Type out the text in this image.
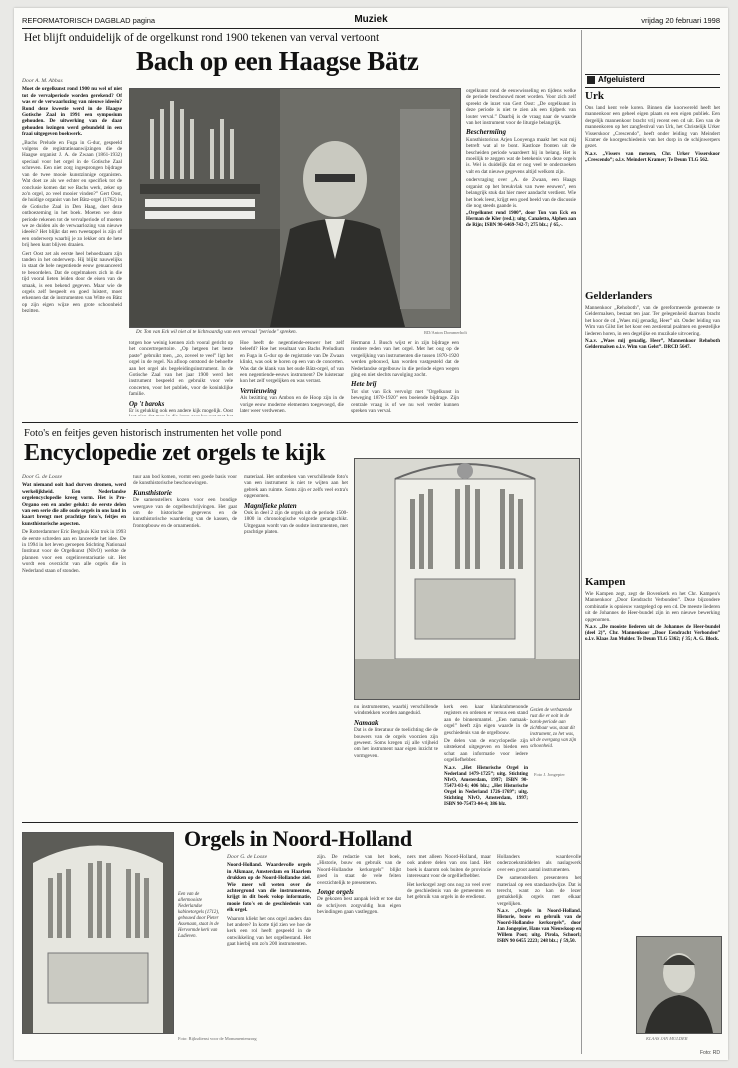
REFORMATORISCH DAGBLAD pagina	Muziek	vrijdag 20 februari 1998
Het blijft onduidelijk of de orgelkunst rond 1900 tekenen van verval vertoont
Bach op een Haagse Bätz
Door A. M. Abbas

Moet de orgelkunst rond 1900 nu wel of niet tot de vervalperiode worden gerekend? Of was er de verwaarlozing van nieuwe ideeën? Rond deze kwestie werd in de Haagse Gotische Zaal in 1991 een symposium gehouden. De uitwerking van de daar gehouden lezingen werd gebundeld in een fraai uitgegeven boekwerk.

„Bachs Prelude en Fuga in G-dur, gespeeld volgens de registratieaanwijzingen die de Haagse organist J. A. de Zwaan (1861-1932) speciaal voor het orgel in de Gotische Zaal schreven. Een niet zorg ingesprongen bijdrage van de twee mooie kunstzinnige organisten. Wat doet ze als we echter en specifiek tot de conclusie komen dat we Bachs werk, zeker op zo'n orgel, zo veel mooier vinden?” Gert Oost, de huidige organist van het Bätz-orgel (1762) in de Gotische Zaal in Den Haag, doet deze ontboezeming in het boek. Moeten we deze periode rekenen tot de vervalperiode of moeten we ze duiden als de verwaarlozing van nieuwe ideeën? Het blijkt dat een tweetappel is zijn of een onderwerp waarbij je zo lekker om de hete brij heen kunt blijven draaien.

Gert Oost zet als eerste heel behoedzaam zijn tanden in het onderwerp. Hij blijkt nauwelijks in staat de hele negentiende eeuw genuanceerd te beoordelen. Dat de orgelmakers zich in die tijd vooral lieten leiden door de eisen van de smaak, is een bekend gegeven. Maar wie de orgels zelf bespeelt en goed luistert, moet erkennen dat de instrumenten van Witte en Bätz op zijn eigen wijze een grote schoonheid bezitten.

Dr. Ton van Eck wil niet al te lichtvaardig van een vervaal "periode" spreken.	RD/Anton Dommerholt

totgen hoe weinig kennen zich vooral gericht op het concertrepertoire. „Op hetgeen het beste paste” gebruikt men, „zo, zoveel te veel” ligt het orgel in de regel. Na afloop ontstond de behoefte aan het orgel als begeleidingsinstrument. In de Gotische Zaal van het jaar 1900 werd het instrument bespeeld en gebruikt voor vele concerten, voor het publiek, voor de koninklijke familie.

Op 't baroks

Er is gelukkig ook een andere kijk mogelijk. Oost

Hoe heeft de negentiende-eeuwer het zelf beleefd? Hoe het resultaat van Bachs Preludium en Fuga in G-dur op de registratie van De Zwaan klinkt, was ook te horen op een van de concerten. Was dat de klank van het oude Bätz-orgel, of van een negentiende-eeuws instrument? De luisteraar kon het zelf vergelijken en was verrast.

Vernieuwing

Als bezitting van Ambon en de Hoop zijn in de vorige eeuw moderne elementen toegevoegd, die later weer verdwenen.

Hermann J. Busch wijst er in zijn bijdrage een rondere reden van het orgel. Met het oog op de vergelijking van instrumenten die tussen 1870-1920 werden gebouwd, kan worden vastgesteld dat de Nederlandse orgelbouw in die periode eigen wegen ging en niet slechts navolging zocht.

Hete brij

Tot slot van Eck vervolgt met "Orgelkunst in beweging 1870-1920" een boeiende bijdrage. Zijn centrale vraag is of we nu wel verder kunnen spreken van verval.

orgelkunst rond de eeuwwisseling en tijdens welke de periode beschouwd moet worden. Voor zich zelf spreekt de inzet van Gert Oost: „De orgelkunst in deze periode is niet te zien als een tijdperk van louter verval.” Daarbij is de vraag naar de waarde van het instrument voor de liturgie belangrijk.

Beschermiing

Kunsthistoricus Arjen Looyenga maakt het wat mij betreft wat al te bont. Kastloze fronten uit de bescheiden periode waardeert hij in belang. Het is moeilijk te zeggen wat de betekenis van deze orgels is. Wel is duidelijk dat er nog veel te onderzoeken valt en dat nieuwe gegevens altijd welkom zijn.

ondervraging over „A. de Zwaan, een Haags organist op het breukvlak van twee eeuwen”, een belangrijk stuk dat hier meer aandacht verdient. Wie het boek leest, krijgt een goed beeld van de discussie die nog steeds gaande is.

„Orgelkunst rond 1900”, door Ton van Eck en Herman de Kler (red.); uitg. Canaletto, Alphen aan de Rijn; ISBN 90-6469-742-7; 275 blz.; ƒ 65,-.

Foto's en feitjes geven historisch instrumenten het volle pond
Encyclopedie zet orgels te kijk
Door G. de Looze

Wat niemand ooit had durven dromen, werd werkelijkheid. Een Nederlandse orgelencyclopedie kreeg vorm. Het is Pro-Organo een en ander gelukt: de eerste delen van een serie die alle oude orgels in ons land in kaart brengt met prachtige foto's, feitjes en kunsthistorische aspecten.

De Rotterdammer Eric Berghuis Kist trok in 1993 de eerste schreden aan en lanceerde het idee. De in 1994 in het leven geroepen Stichting Nationaal Instituut voor de Orgelkunst (NIvO) werkte de plannen voor een orgelinventarisatie uit. Het wordt een overzicht van alle orgels die in Nederland staan of stonden.

tuur aan bod komen, vormt een goede basis voor de kunsthistorische beschouwingen.

Kunsthistorie

De samenstellers kozen voor een bondige weergave van de orgelbeschrijvingen. Het gaat om de historische gegevens en de kunsthistorische waardering van de kassen, de frontopbouw en de ornamentiek.

materiaal. Het ontbreken van verschillende foto's van een instrument is niet te wijten aan het gebrek aan ruimte. Soms zijn er zelfs veel extra's opgenomen.

Magnifieke platen

Ook in deel 2 zijn de orgels uit de periode 1500-1800 in chronologische volgorde gerangschikt. Uitgegaan wordt van de oudste instrumenten, met prachtige platen.

Gezien de verbazende rust die er ooit in de barok-periode aan zichtbaar was, staat dit instrument, zo het was, uit de overgang van zijn schoonheid.
Foto J. Jongepier

nu instrumenten, waarbij verschillende windstekken worden aangeduid.

Namaak

Dat is de literatuur de toelichting die de bouwers van de orgels voorzien zijn geweest. Soms kregen zij alle vrijheid om het instrument naar eigen inzicht te vormgeven.

kerk een kaar klankrahmenonde registers en ordenen er versus een stand aan de binnenmantel. „Een namaak-orgel” heeft zijn eigen waarde in de geschiedenis van de orgelbouw.

De delen van de encyclopedie zijn uitstekend uitgegeven en bieden een schat aan informatie voor iedere orgelliefhebber.

N.a.v. „Het Historische Orgel in Nederland 1479-1725”; uitg. Stichting NIvO, Amsterdam, 1997; ISBN 90-75473-03-6; 406 blz.; „Het Historische Orgel in Nederland 1726-1769”; uitg. Stichting NIvO, Amsterdam, 1997; ISBN 90-75473-04-4; 386 blz.

Orgels in Noord-Holland
Een van de allermooiste Nederlandse kabinetorgels (1712), gebouwd door Pieter Assenaan, staat in de Hervormde kerk van Ladieven.
Foto: Rijksdienst voor de Monumentenzorg
Door G. de Looze

Noord-Holland. Waardevolle orgels in Alkmaar, Amsterdam en Haarlem drukken op de Noord-Hollandse ziel. Wie meer wil weten over de achtergrond van die instrumenten, krijgt in dit boek volop informatie, mooie foto's en de geschiedenis van elk orgel.

Waarom kliekt het ons orgel anders dan het andere? In korte tijd zien we hoe de kerk een rol heeft gespeeld in de ontwikkeling van het orgelbestand. Het gaat hierbij om zo'n 200 instrumenten.

zijn. De redactie van het boek, „Historie, bouw en gebruik van de Noord-Hollandse kerkorgels” blijkt goed in staat de vele feiten overzichtelijk te presenteren.

Jonge orgels

De gekozen best aanpak leidt er toe dat de schrijvers zorgvuldig hun eigen bevindingen gaan vastleggen.

ners met alleen Noord-Holland, maar ook andere delen van ons land. Het boek is daarom ook buiten de provincie interessant voor de orgelliefhebber.

Het kerkorgel zegt ons nog zo veel over de geschiedenis van de gemeenten en het gebruik van orgels in de eredienst.

Hollanders waardevolle onderzoeksmiddelen als naslagwerk over een groot aantal instrumenten.

De samenstellers presenteren het materiaal op een standaardwijze. Dat is terecht, want zo kan de lezer gemakkelijk orgels met elkaar vergelijken.

N.a.v. „Orgels in Noord-Holland. Historie, bouw en gebruik van de Noord-Hollandse kerkorgels”, door Jan Jongepier, Hans van Nieuwkoop en Willem Poot; uitg. Pirola, Schoorl; ISBN 90 6455 2223; 248 blz.; ƒ 59,50.

Afgeluisterd
Urk

Ons land kent vele koren. Binnen die koorwereld heeft het mannenkoor een geheel eigen plaats en een eigen publiek. Een dergelijk mannenkoor bracht vrij recent een cd uit. Een van de mannenkoren op het zangfestival van Urk, het Christelijk Urker Visserskoor „Crescendo”, heeft onder leiding van Meindert Kramer de koorgeschiedenis van het dorp in de schijnwerpers gezet.

N.a.v. „Vissers van mensen, Chr. Urker Visserskoor „Crescendo”; o.l.v. Meindert Kramer; Te Deum TLG 562.

Gelderlanders

Mannenkoor „Rehoboth”, van de gereformeerde gemeente te Geldermalsen, bestaat ten jaar. Ter gelegenheid daarvan bracht het koor de cd „Waes mij genadig, Heer” uit. Onder leiding van Wim van Gilst liet het koor een zestiental psalmen en geestelijke liederen horen, in een degelijke en muzikale uitvoering.

N.a.v. „Waes mij genadig, Heer”, Mannenkoor Rehoboth Geldermalsen o.l.v. Wim van Gelst”. DRCD 5647.

Kampen

Wie Kampen zegt, zegt de Bovenkerk en het Chr. Kampen's Mannenkoor „Door Eendracht Verbonden”. Deze bijzondere combinatie is opnieuw vastgelegd op een cd. De meeste liederen uit de Johannes de Heer-bundel zijn in een nieuwe bewerking opgenomen.

N.a.v. „De mooiste liederen uit de Johannes de Heer-bundel (deel 2)”, Chr. Mannenkoor „Door Eendracht Verbonden” o.l.v. Klaas Jan Mulder. Te Deum TLG 5362; ƒ 35; A. G. Block.

KLAAS JAN MULDER
Foto: RD
